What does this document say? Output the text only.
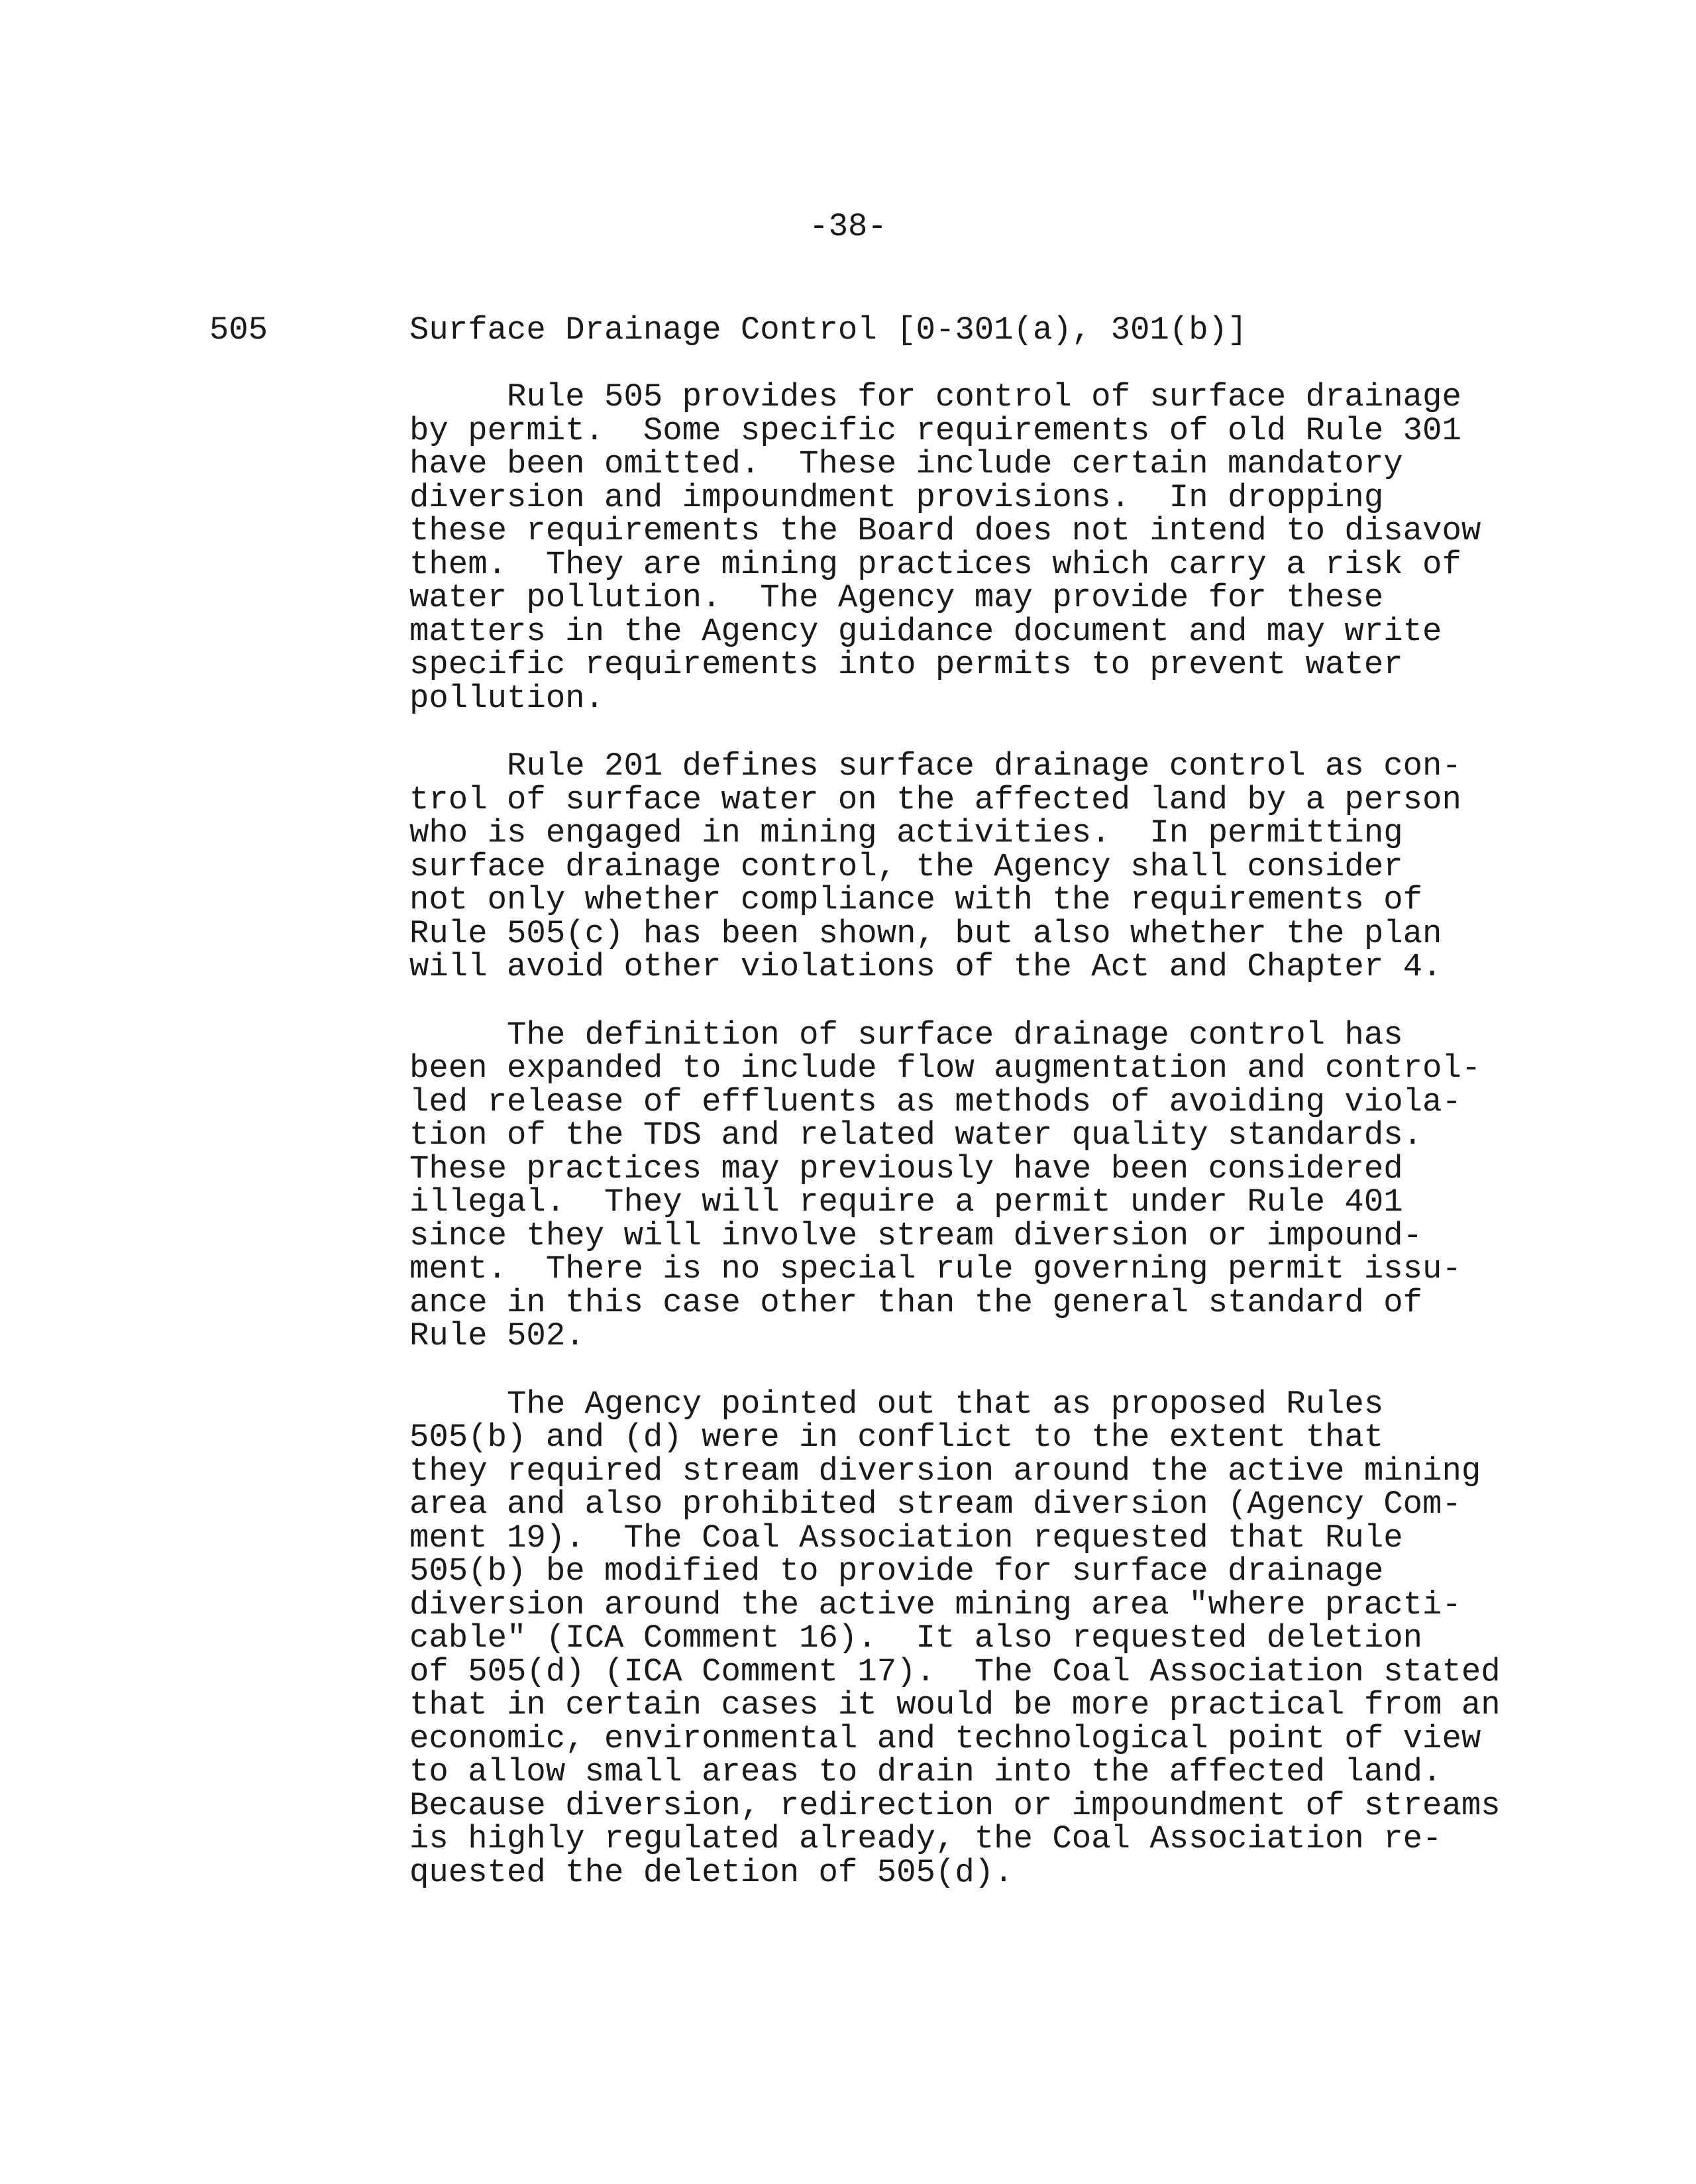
-38-
505	Surface Drainage Control [0-301(a), 301(b)]
Rule 505 provides for control of surface drainage
by permit.  Some specific requirements of old Rule 301
have been omitted.  These include certain mandatory
diversion and impoundment provisions.  In dropping
these requirements the Board does not intend to disavow
them.  They are mining practices which carry a risk of
water pollution.  The Agency may provide for these
matters in the Agency guidance document and may write
specific requirements into permits to prevent water
pollution.
Rule 201 defines surface drainage control as con-
trol of surface water on the affected land by a person
who is engaged in mining activities.  In permitting
surface drainage control, the Agency shall consider
not only whether compliance with the requirements of
Rule 505(c) has been shown, but also whether the plan
will avoid other violations of the Act and Chapter 4.
The definition of surface drainage control has
been expanded to include flow augmentation and control-
led release of effluents as methods of avoiding viola-
tion of the TDS and related water quality standards.
These practices may previously have been considered
illegal.  They will require a permit under Rule 401
since they will involve stream diversion or impound-
ment.  There is no special rule governing permit issu-
ance in this case other than the general standard of
Rule 502.
The Agency pointed out that as proposed Rules
505(b) and (d) were in conflict to the extent that
they required stream diversion around the active mining
area and also prohibited stream diversion (Agency Com-
ment 19).  The Coal Association requested that Rule
505(b) be modified to provide for surface drainage
diversion around the active mining area "where practi-
cable" (ICA Comment 16).  It also requested deletion
of 505(d) (ICA Comment 17).  The Coal Association stated
that in certain cases it would be more practical from an
economic, environmental and technological point of view
to allow small areas to drain into the affected land.
Because diversion, redirection or impoundment of streams
is highly regulated already, the Coal Association re-
quested the deletion of 505(d).
